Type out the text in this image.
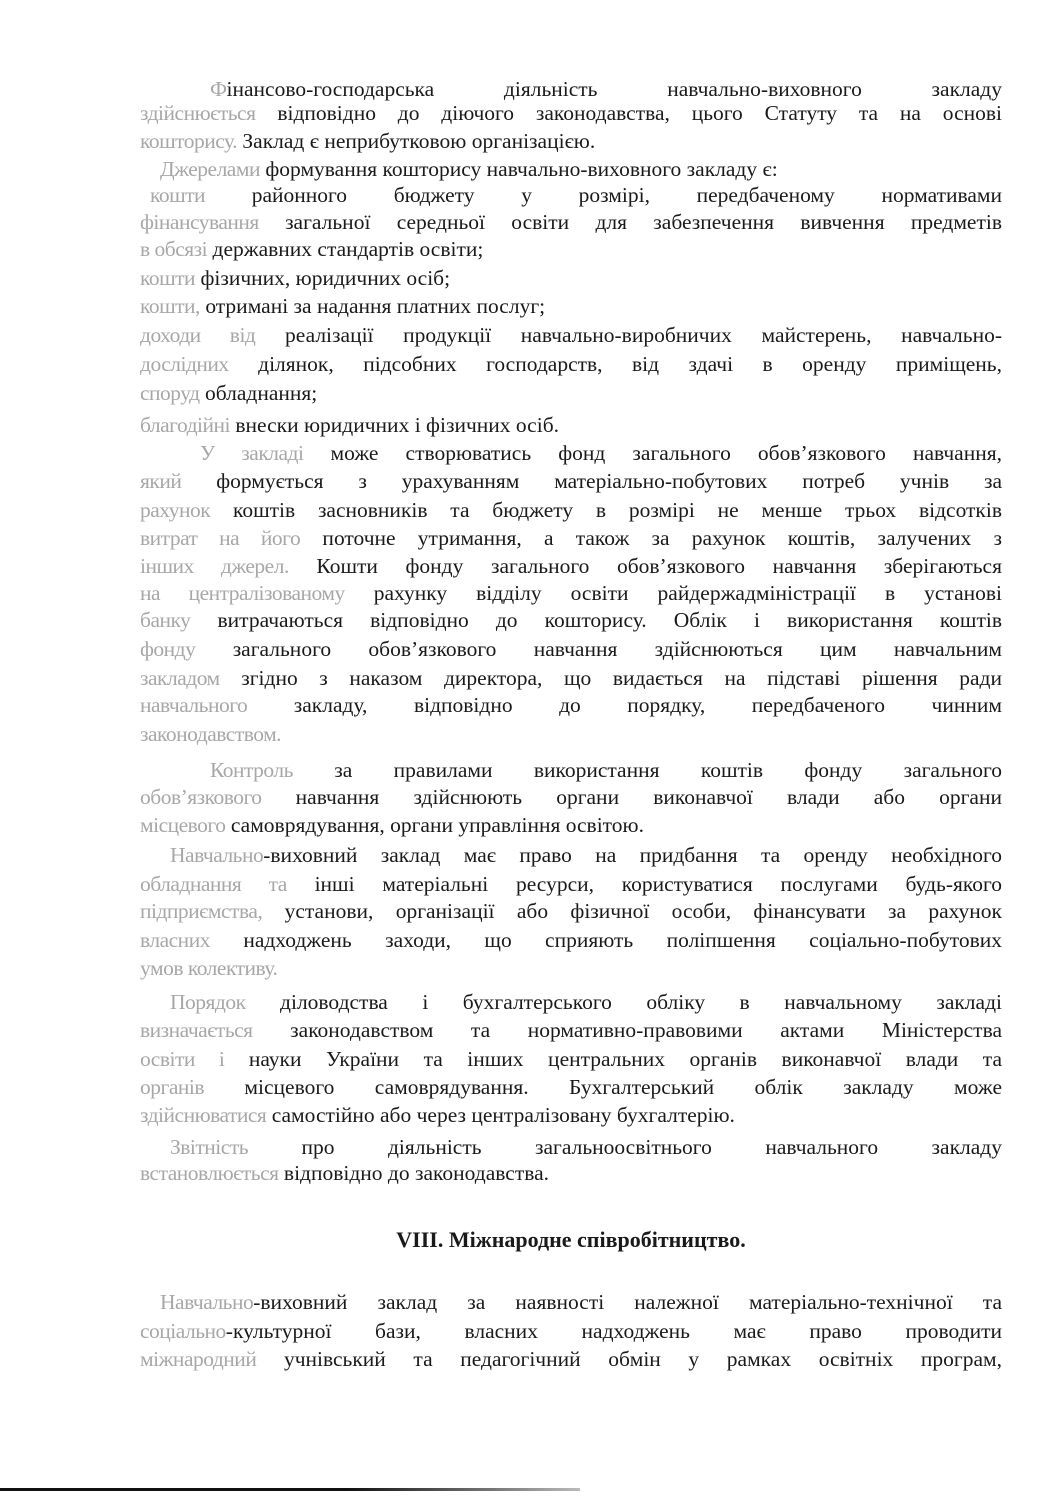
Фінансово-господарська діяльність навчально-виховного закладу
здійснюється відповідно до діючого законодавства, цього Статуту та на основі
кошторису. Заклад є неприбутковою організацією.
Джерелами формування кошторису навчально-виховного закладу є:
кошти районного бюджету у розмірі, передбаченому нормативами
фінансування загальної середньої освіти для забезпечення вивчення предметів
в обсязі державних стандартів освіти;
кошти фізичних, юридичних осіб;
кошти, отримані за надання платних послуг;
доходи від реалізації продукції навчально-виробничих майстерень, навчально-
дослідних ділянок, підсобних господарств, від здачі в оренду приміщень,
споруд обладнання;
благодійні внески юридичних і фізичних осіб.
У закладі може створюватись фонд загального обов’язкового навчання,
який формується з урахуванням матеріально-побутових потреб учнів за
рахунок коштів засновників та бюджету в розмірі не менше трьох відсотків
витрат на його поточне утримання, а також за рахунок коштів, залучених з
інших джерел. Кошти фонду загального обов’язкового навчання зберігаються
на централізованому рахунку відділу освіти райдержадміністрації в установі
банку витрачаються відповідно до кошторису. Облік і використання коштів
фонду загального обов’язкового навчання здійснюються цим навчальним
закладом згідно з наказом директора, що видається на підставі рішення ради
навчального закладу, відповідно до порядку, передбаченого чинним
законодавством.
Контроль за правилами використання коштів фонду загального
обов’язкового навчання здійснюють органи виконавчої влади або органи
місцевого самоврядування, органи управління освітою.
Навчально-виховний заклад має право на придбання та оренду необхідного
обладнання та інші матеріальні ресурси, користуватися послугами будь-якого
підприємства, установи, організації або фізичної особи, фінансувати за рахунок
власних надходжень заходи, що сприяють поліпшення соціально-побутових
умов колективу.
Порядок діловодства і бухгалтерського обліку в навчальному закладі
визначається законодавством та нормативно-правовими актами Міністерства
освіти і науки України та інших центральних органів виконавчої влади та
органів місцевого самоврядування. Бухгалтерський облік закладу може
здійснюватися самостійно або через централізовану бухгалтерію.
Звітність про діяльність загальноосвітнього навчального закладу
встановлюється відповідно до законодавства.
VIII. Міжнародне співробітництво.
Навчально-виховний заклад за наявності належної матеріально-технічної та
соціально-культурної бази, власних надходжень має право проводити
міжнародний учнівський та педагогічний обмін у рамках освітніх програм,
